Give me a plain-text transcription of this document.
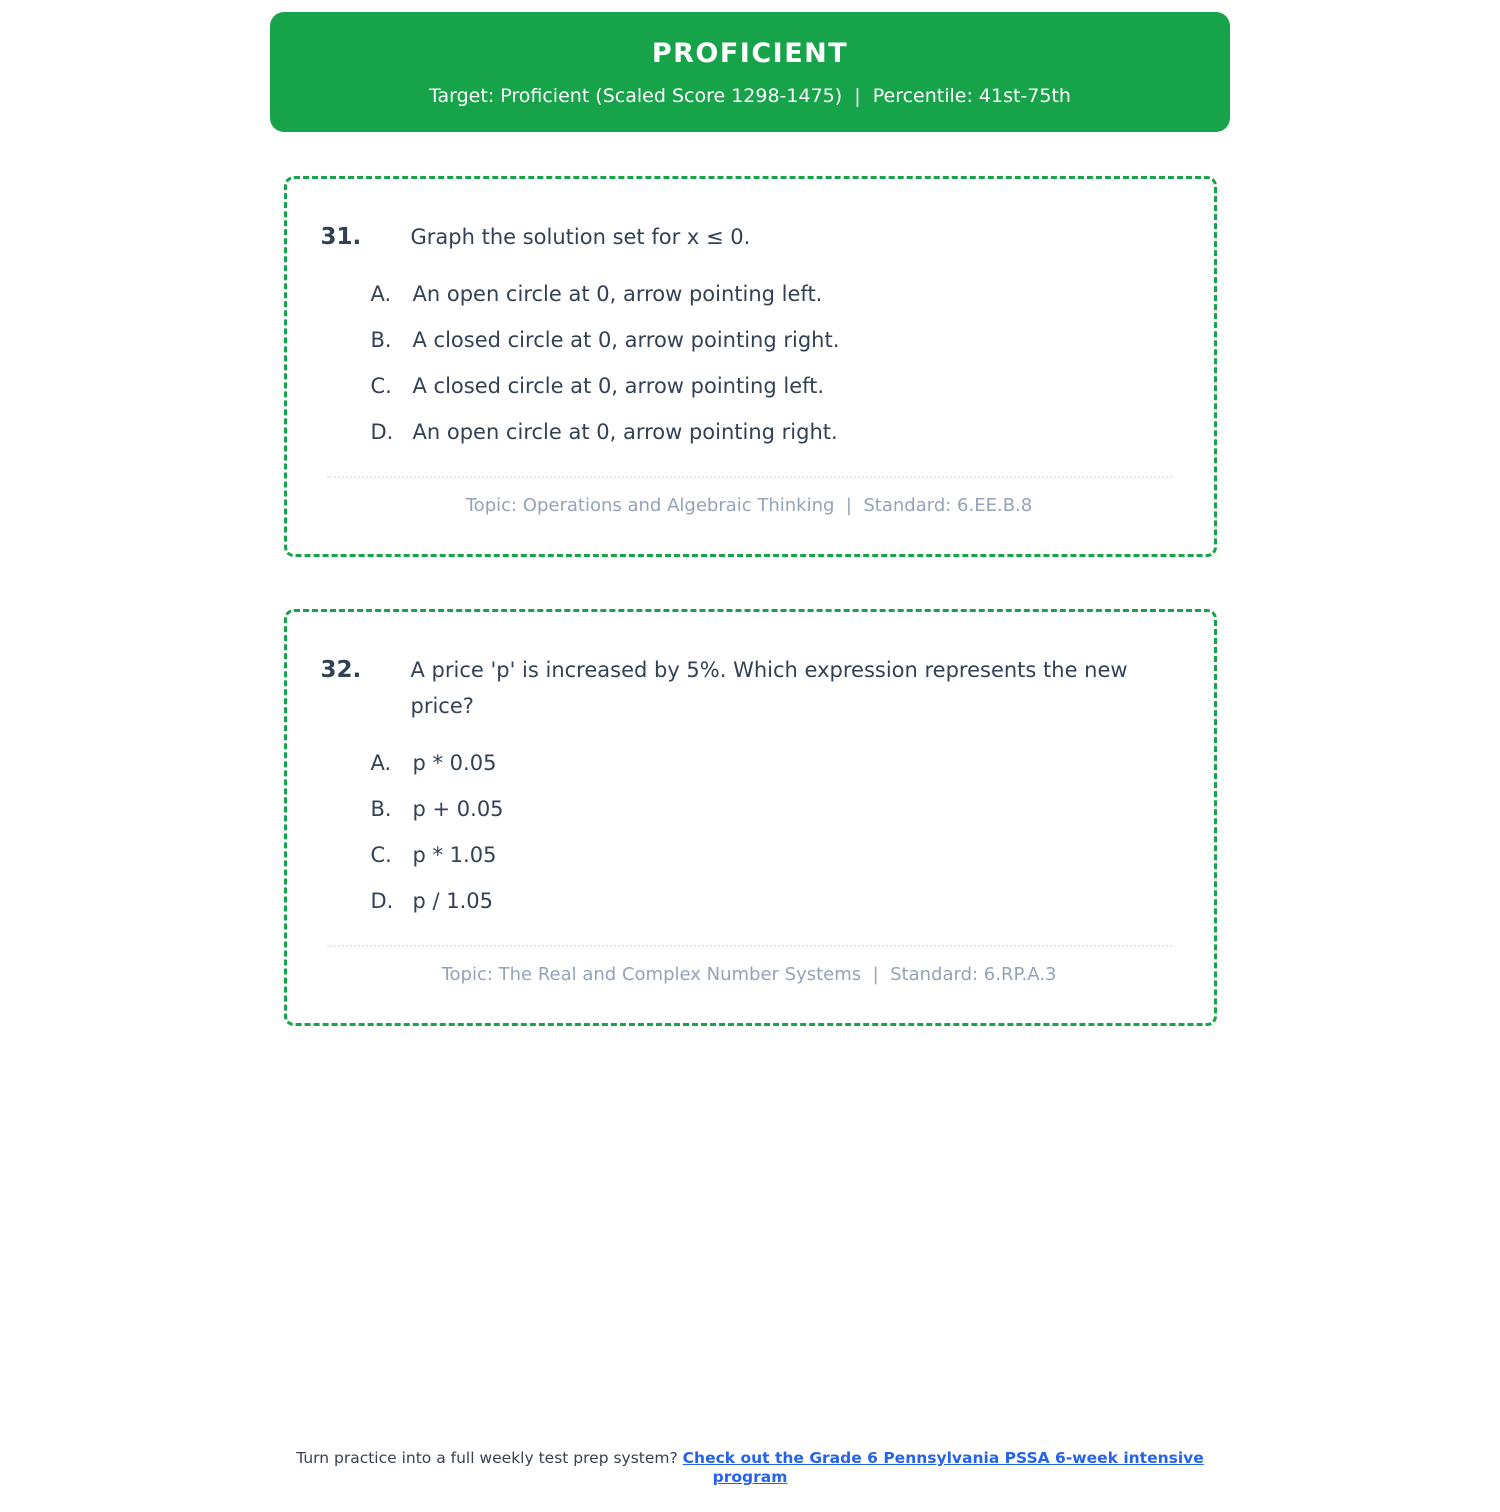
PROFICIENT
Target: Proficient (Scaled Score 1298-1475)  |  Percentile: 41st-75th
31.	Graph the solution set for x ≤ 0.
A.	An open circle at 0, arrow pointing left.
B. A closed circle at 0, arrow pointing right.
C. A closed circle at 0, arrow pointing left.
D. An open circle at 0, arrow pointing right.
Topic: Operations and Algebraic Thinking  |  Standard: 6.EE.B.8
32.	A price 'p' is increased by 5%. Which expression represents the new price?
A.	p * 0.05
B. p + 0.05
C. p * 1.05
D. p / 1.05
Topic: The Real and Complex Number Systems  |  Standard: 6.RP.A.3
Turn practice into a full weekly test prep system? Check out the Grade 6 Pennsylvania PSSA 6-week intensive program
